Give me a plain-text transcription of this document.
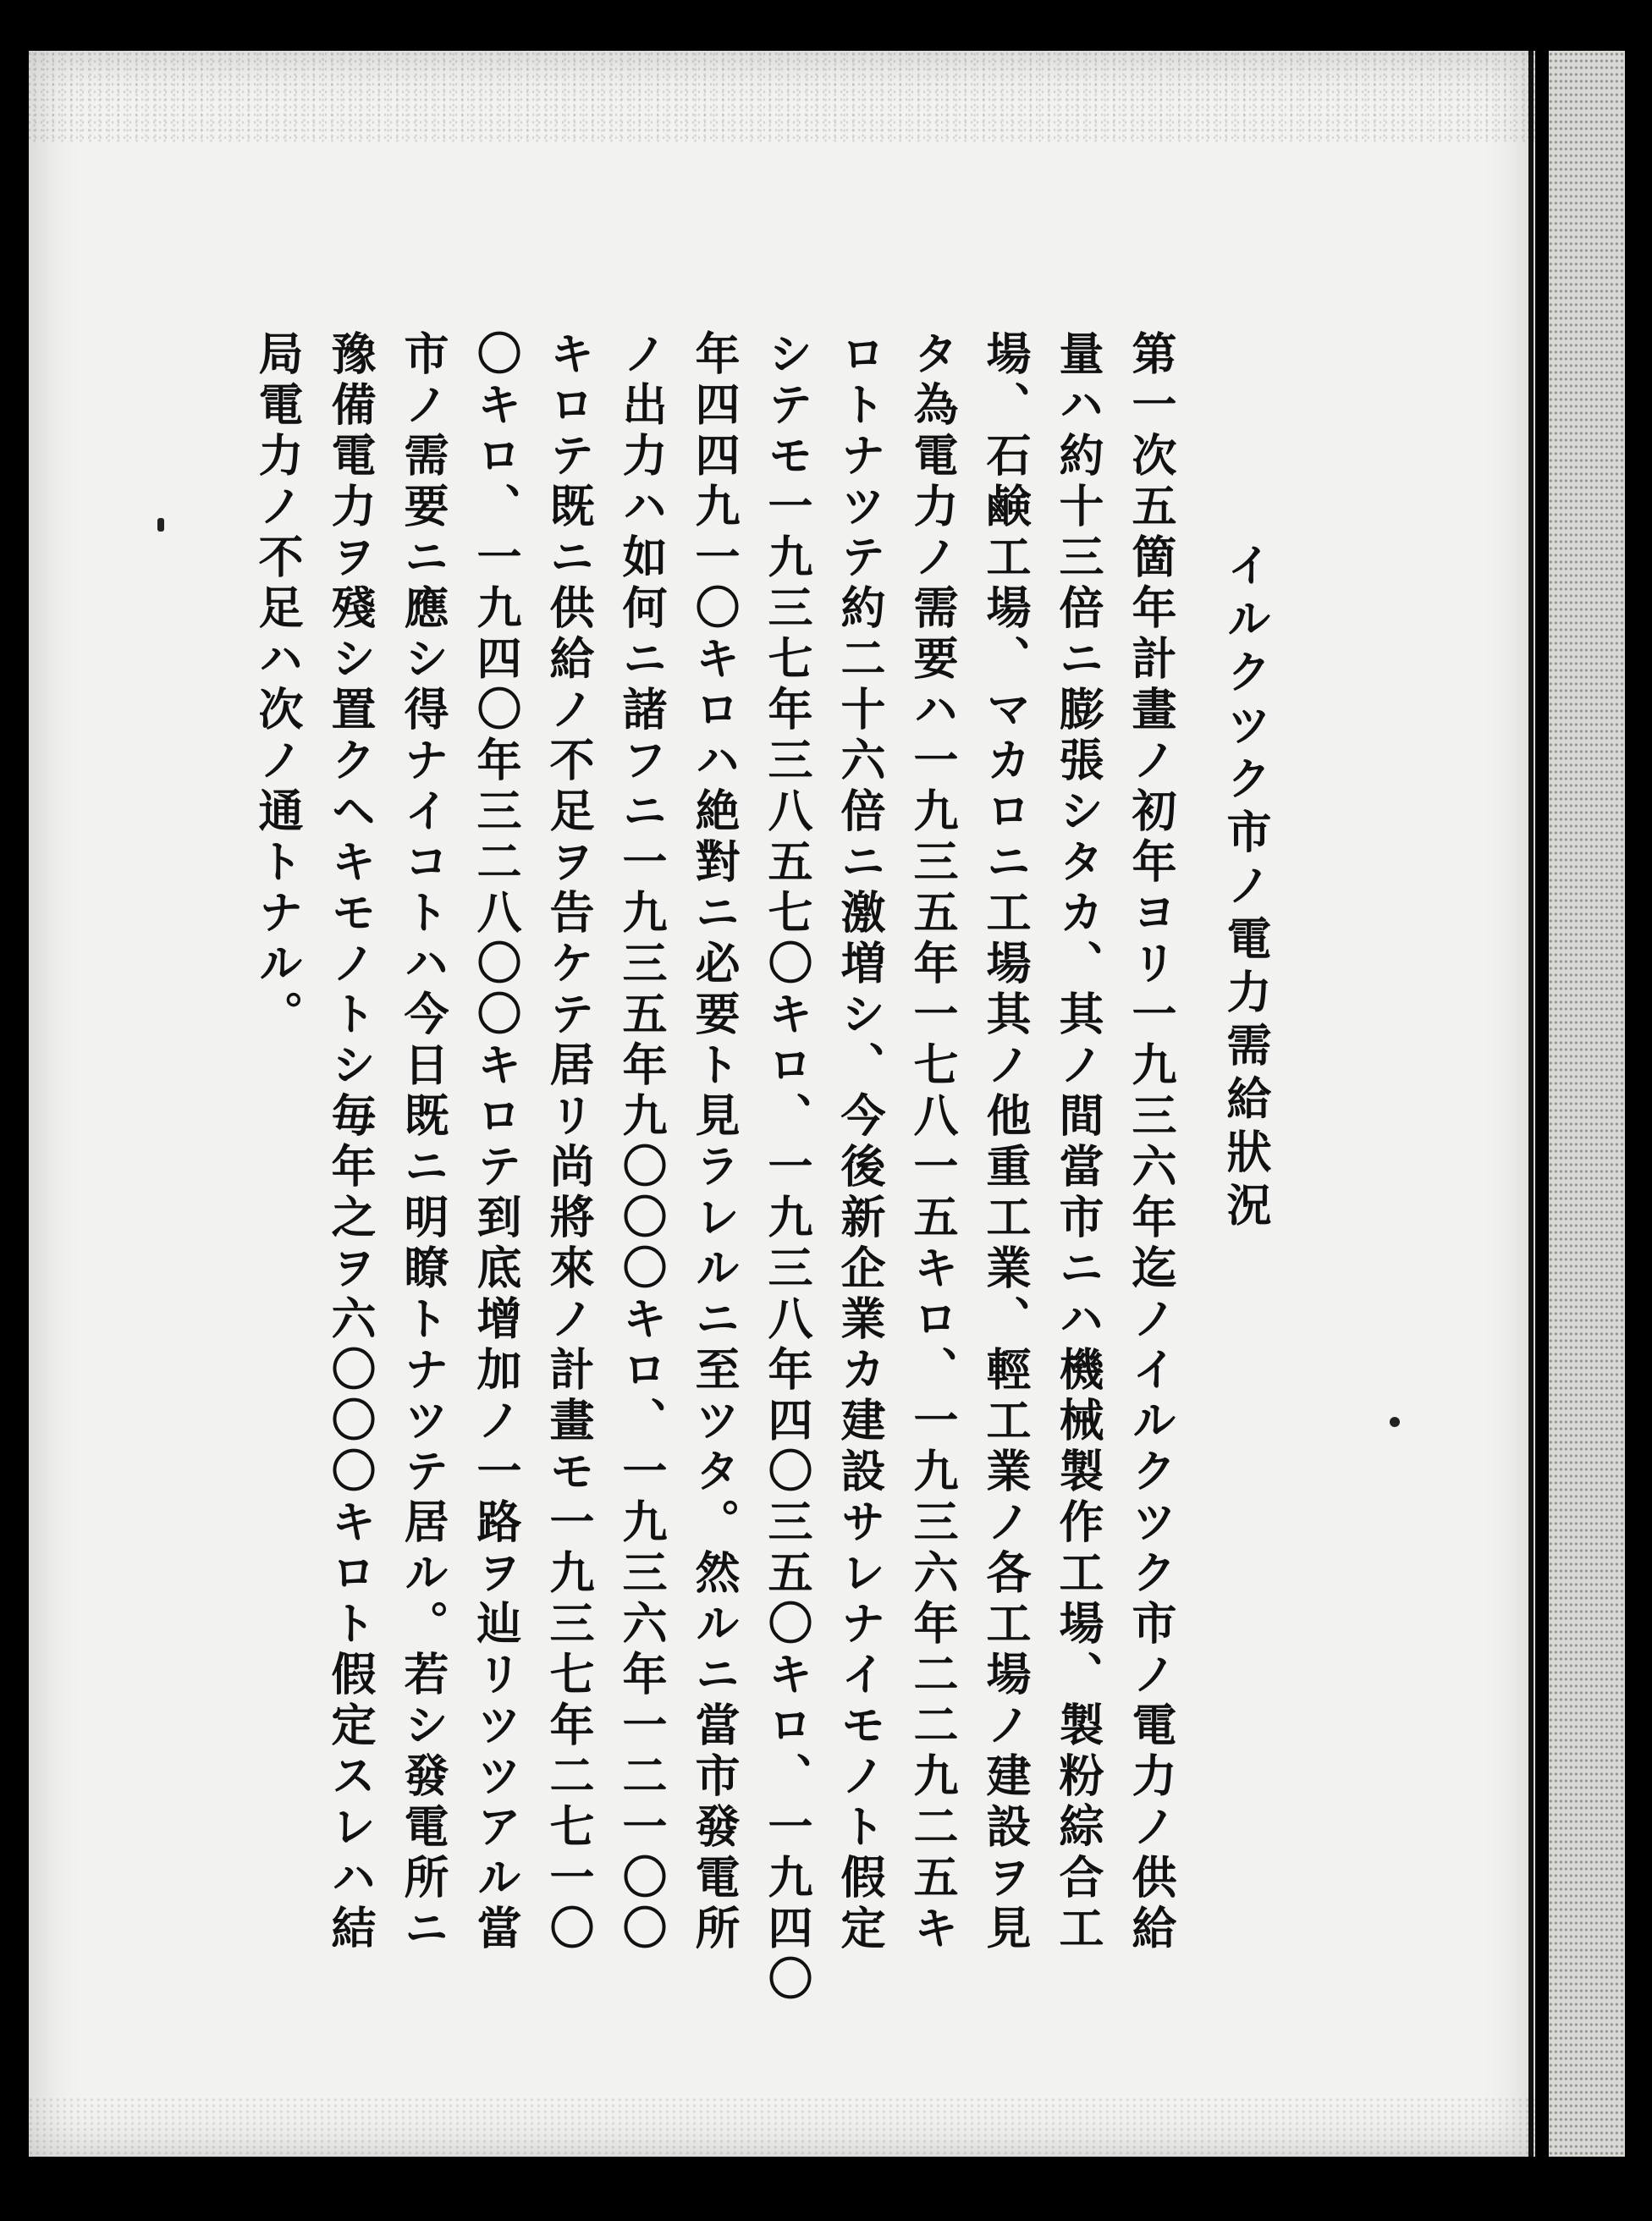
イルクツク市ノ電力需給狀況
第一次五箇年計畫ノ初年ヨリ一九三六年迄ノイルクツク市ノ電力ノ供給
量ハ約十三倍ニ膨張シタカ、其ノ間當市ニハ機械製作工場、製粉綜合工
場、石鹸工場、マカロニ工場其ノ他重工業、輕工業ノ各工場ノ建設ヲ見
タ為電力ノ需要ハ一九三五年一七八一五キロ、一九三六年二二九二五キ
ロトナツテ約二十六倍ニ激増シ、今後新企業カ建設サレナイモノト假定
シテモ一九三七年三八五七〇キロ、一九三八年四〇三五〇キロ、一九四〇
年四四九一〇キロハ絶對ニ必要ト見ラレルニ至ツタ。然ルニ當市發電所
ノ出力ハ如何ニ諸フニ一九三五年九〇〇〇キロ、一九三六年一二一〇〇
キロテ既ニ供給ノ不足ヲ告ケテ居リ尚將來ノ計畫モ一九三七年二七一〇
〇キロ、一九四〇年三二八〇〇キロテ到底增加ノ一路ヲ辿リツツアル當
市ノ需要ニ應シ得ナイコトハ今日既ニ明瞭トナツテ居ル。若シ發電所ニ
豫備電力ヲ殘シ置クヘキモノトシ毎年之ヲ六〇〇〇キロト假定スレハ結
局電力ノ不足ハ次ノ通トナル。
